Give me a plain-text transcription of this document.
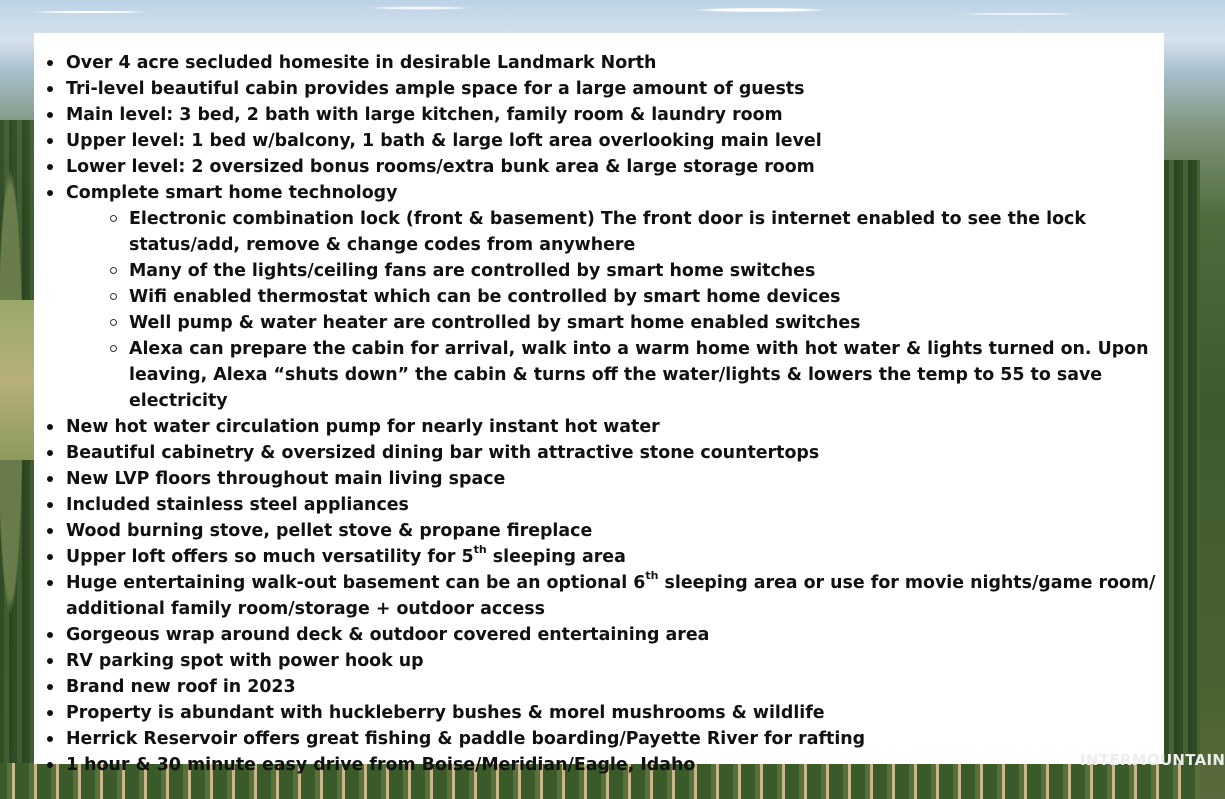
Over 4 acre secluded homesite in desirable Landmark North
Tri-level beautiful cabin provides ample space for a large amount of guests
Main level: 3 bed, 2 bath with large kitchen, family room & laundry room
Upper level: 1 bed w/balcony, 1 bath & large loft area overlooking main level
Lower level: 2 oversized bonus rooms/extra bunk area & large storage room
Complete smart home technology
Electronic combination lock (front & basement) The front door is internet enabled to see the lock status/add, remove & change codes from anywhere
Many of the lights/ceiling fans are controlled by smart home switches
Wifi enabled thermostat which can be controlled by smart home devices
Well pump & water heater are controlled by smart home enabled switches
Alexa can prepare the cabin for arrival, walk into a warm home with hot water & lights turned on. Upon leaving, Alexa “shuts down” the cabin & turns off the water/lights & lowers the temp to 55 to save electricity
New hot water circulation pump for nearly instant hot water
Beautiful cabinetry & oversized dining bar with attractive stone countertops
New LVP floors throughout main living space
Included stainless steel appliances
Wood burning stove, pellet stove & propane fireplace
Upper loft offers so much versatility for 5th sleeping area
Huge entertaining walk-out basement can be an optional 6th sleeping area or use for movie nights/game room/ additional family room/storage + outdoor access
Gorgeous wrap around deck & outdoor covered entertaining area
RV parking spot with power hook up
Brand new roof in 2023
Property is abundant with huckleberry bushes & morel mushrooms & wildlife
Herrick Reservoir offers great fishing & paddle boarding/Payette River for rafting
1 hour & 30 minute easy drive from Boise/Meridian/Eagle, Idaho	INTERMOUNTAIN
